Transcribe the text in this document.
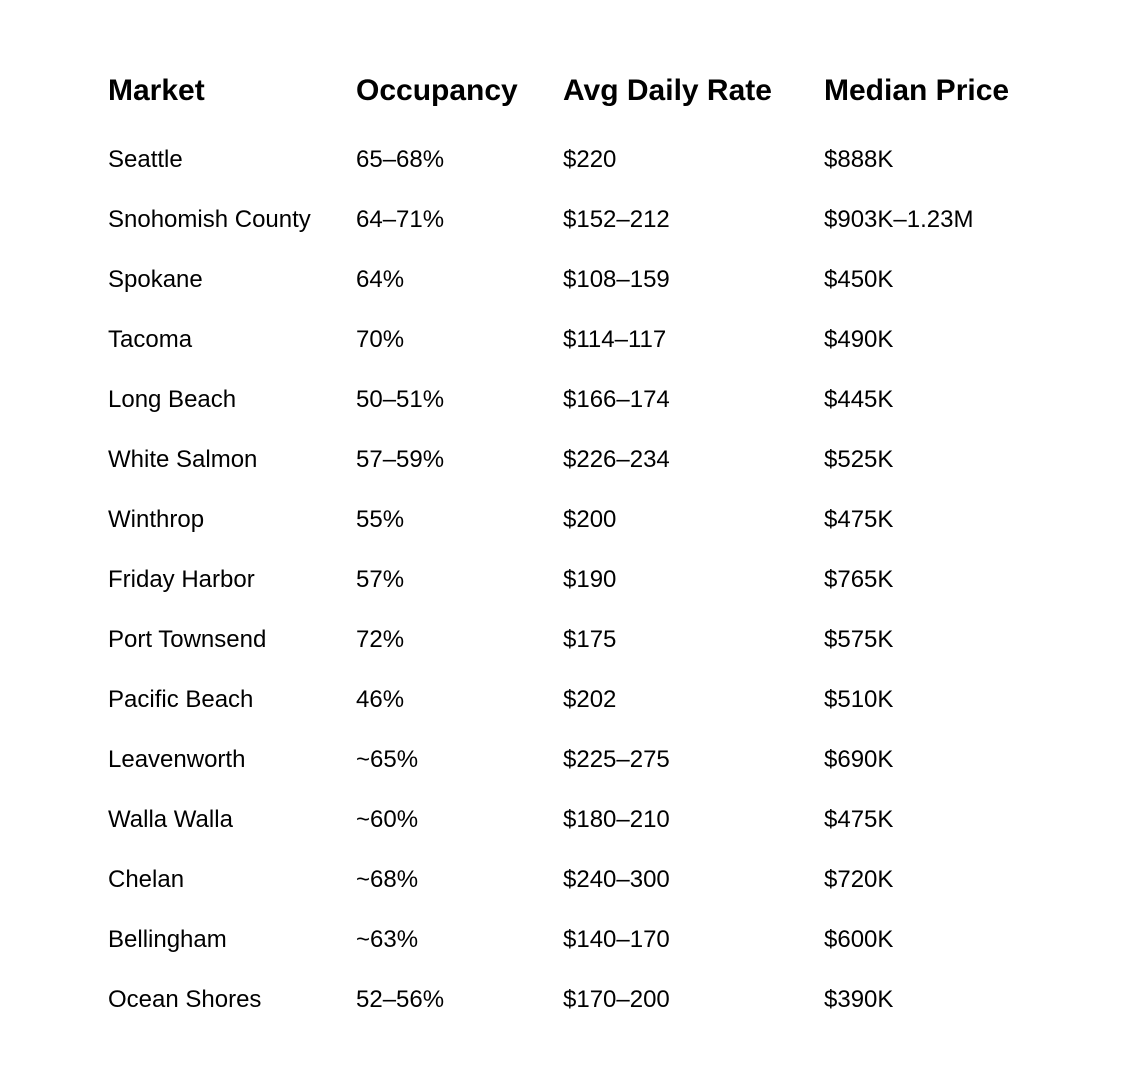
Market	Occupancy	Avg Daily Rate	Median Price
Seattle	65–68%	$220	$888K
Snohomish County	64–71%	$152–212	$903K–1.23M
Spokane	64%	$108–159	$450K
Tacoma	70%	$114–117	$490K
Long Beach	50–51%	$166–174	$445K
White Salmon	57–59%	$226–234	$525K
Winthrop	55%	$200	$475K
Friday Harbor	57%	$190	$765K
Port Townsend	72%	$175	$575K
Pacific Beach	46%	$202	$510K
Leavenworth	~65%	$225–275	$690K
Walla Walla	~60%	$180–210	$475K
Chelan	~68%	$240–300	$720K
Bellingham	~63%	$140–170	$600K
Ocean Shores	52–56%	$170–200	$390K
